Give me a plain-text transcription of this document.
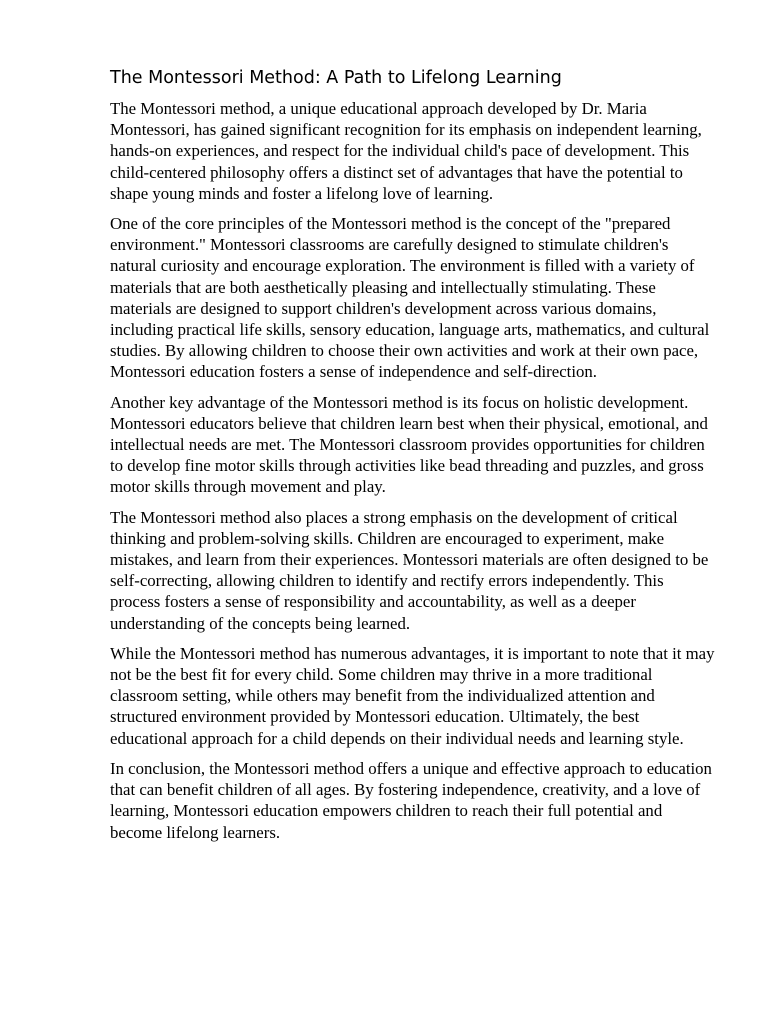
The Montessori Method: A Path to Lifelong Learning

The Montessori method, a unique educational approach developed by Dr. Maria Montessori, has gained significant recognition for its emphasis on independent learning, hands-on experiences, and respect for the individual child's pace of development. This child-centered philosophy offers a distinct set of advantages that have the potential to shape young minds and foster a lifelong love of learning.

One of the core principles of the Montessori method is the concept of the "prepared environment." Montessori classrooms are carefully designed to stimulate children's natural curiosity and encourage exploration. The environment is filled with a variety of materials that are both aesthetically pleasing and intellectually stimulating. These materials are designed to support children's development across various domains, including practical life skills, sensory education, language arts, mathematics, and cultural studies. By allowing children to choose their own activities and work at their own pace, Montessori education fosters a sense of independence and self-direction.

Another key advantage of the Montessori method is its focus on holistic development. Montessori educators believe that children learn best when their physical, emotional, and intellectual needs are met. The Montessori classroom provides opportunities for children to develop fine motor skills through activities like bead threading and puzzles, and gross motor skills through movement and play.

The Montessori method also places a strong emphasis on the development of critical thinking and problem-solving skills. Children are encouraged to experiment, make mistakes, and learn from their experiences. Montessori materials are often designed to be self-correcting, allowing children to identify and rectify errors independently. This process fosters a sense of responsibility and accountability, as well as a deeper understanding of the concepts being learned.

While the Montessori method has numerous advantages, it is important to note that it may not be the best fit for every child. Some children may thrive in a more traditional classroom setting, while others may benefit from the individualized attention and structured environment provided by Montessori education. Ultimately, the best educational approach for a child depends on their individual needs and learning style.

In conclusion, the Montessori method offers a unique and effective approach to education that can benefit children of all ages. By fostering independence, creativity, and a love of learning, Montessori education empowers children to reach their full potential and become lifelong learners.
